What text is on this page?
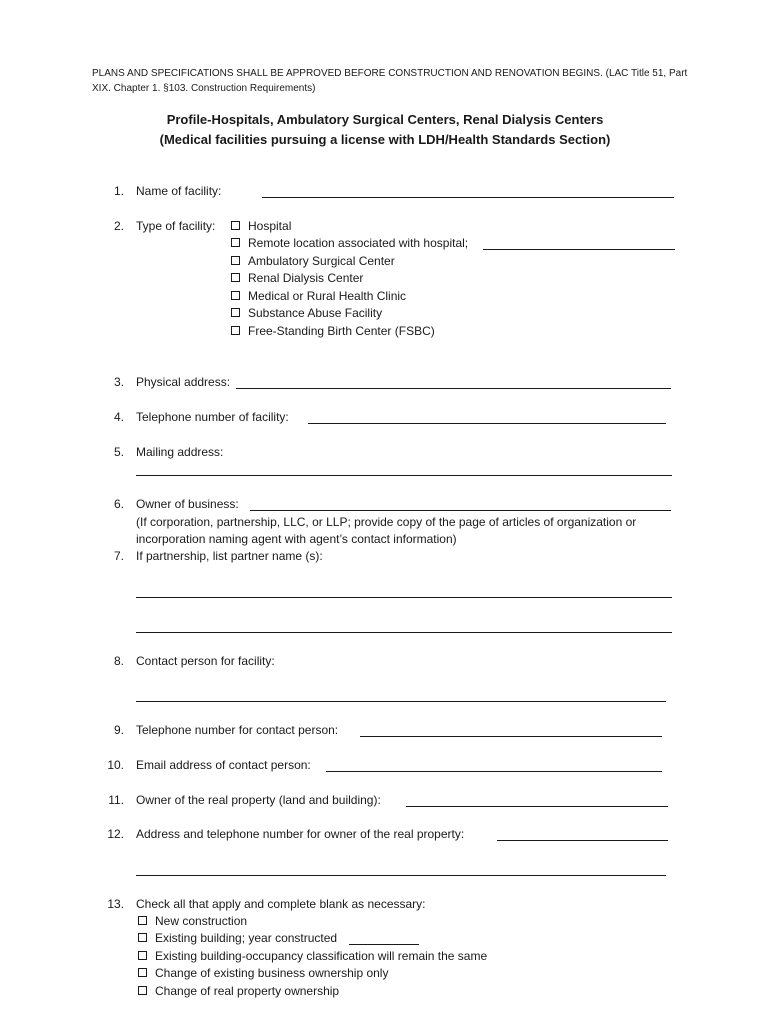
PLANS AND SPECIFICATIONS SHALL BE APPROVED BEFORE CONSTRUCTION AND RENOVATION BEGINS. (LAC Title 51, Part XIX. Chapter 1. §103. Construction Requirements)
Profile-Hospitals, Ambulatory Surgical Centers, Renal Dialysis Centers
(Medical facilities pursuing a license with LDH/Health Standards Section)
1. Name of facility:
2. Type of facility:	Hospital
Remote location associated with hospital;
Ambulatory Surgical Center
Renal Dialysis Center
Medical or Rural Health Clinic
Substance Abuse Facility
Free-Standing Birth Center (FSBC)
3. Physical address:
4. Telephone number of facility:
5. Mailing address:
6. Owner of business:
(If corporation, partnership, LLC, or LLP; provide copy of the page of articles of organization or
incorporation naming agent with agent’s contact information)
7. If partnership, list partner name (s):
8. Contact person for facility:
9. Telephone number for contact person:
10. Email address of contact person:
11. Owner of the real property (land and building):
12. Address and telephone number for owner of the real property:
13. Check all that apply and complete blank as necessary:
New construction
Existing building; year constructed
Existing building-occupancy classification will remain the same
Change of existing business ownership only
Change of real property ownership
